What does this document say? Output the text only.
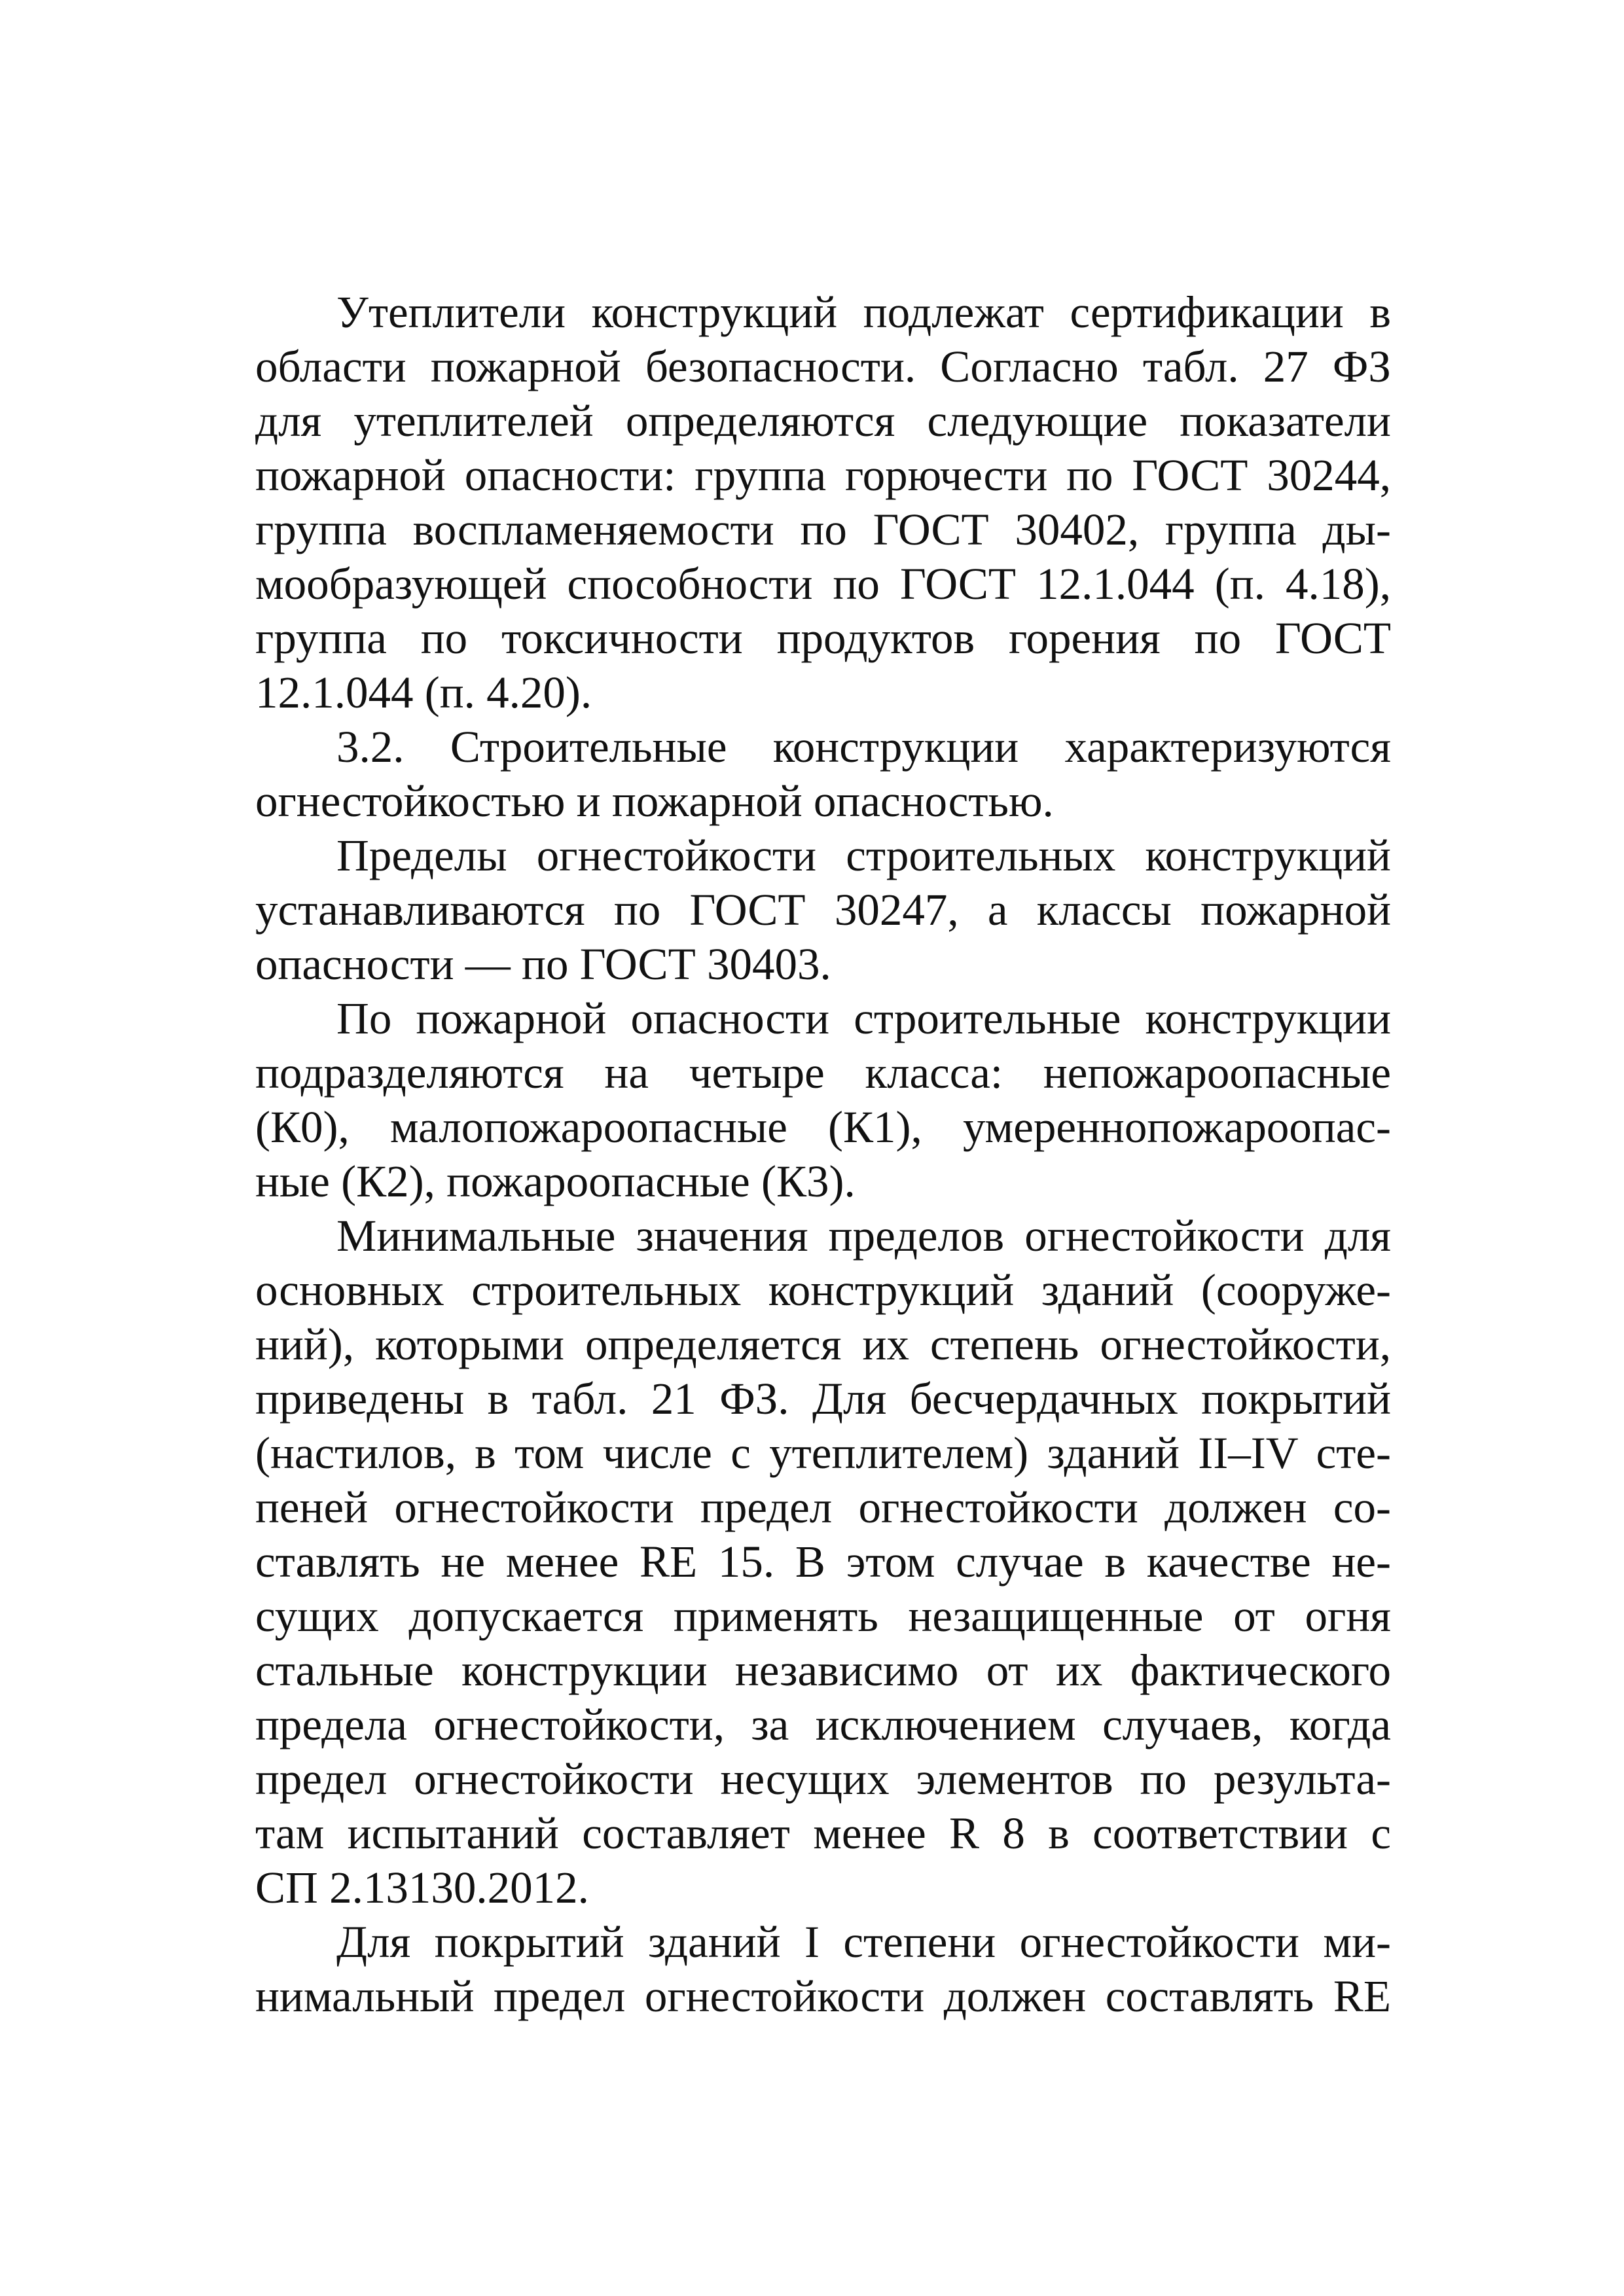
Утеплители конструкций подлежат сертификации в
области пожарной безопасности. Согласно табл. 27 ФЗ
для утеплителей определяются следующие показатели
пожарной опасности: группа горючести по ГОСТ 30244,
группа воспламеняемости по ГОСТ 30402, группа ды-
мообразующей способности по ГОСТ 12.1.044 (п. 4.18),
группа по токсичности продуктов горения по ГОСТ
12.1.044 (п. 4.20).
3.2. Строительные конструкции характеризуются
огнестойкостью и пожарной опасностью.
Пределы огнестойкости строительных конструкций
устанавливаются по ГОСТ 30247, а классы пожарной
опасности — по ГОСТ 30403.
По пожарной опасности строительные конструкции
подразделяются на четыре класса: непожароопасные
(К0), малопожароопасные (К1), умереннопожароопас-
ные (К2), пожароопасные (К3).
Минимальные значения пределов огнестойкости для
основных строительных конструкций зданий (сооруже-
ний), которыми определяется их степень огнестойкости,
приведены в табл. 21 ФЗ. Для бесчердачных покрытий
(настилов, в том числе с утеплителем) зданий II–IV сте-
пеней огнестойкости предел огнестойкости должен со-
ставлять не менее RE 15. В этом случае в качестве не-
сущих допускается применять незащищенные от огня
стальные конструкции независимо от их фактического
предела огнестойкости, за исключением случаев, когда
предел огнестойкости несущих элементов по результа-
там испытаний составляет менее R 8 в соответствии с
СП 2.13130.2012.
Для покрытий зданий I степени огнестойкости ми-
нимальный предел огнестойкости должен составлять RE
